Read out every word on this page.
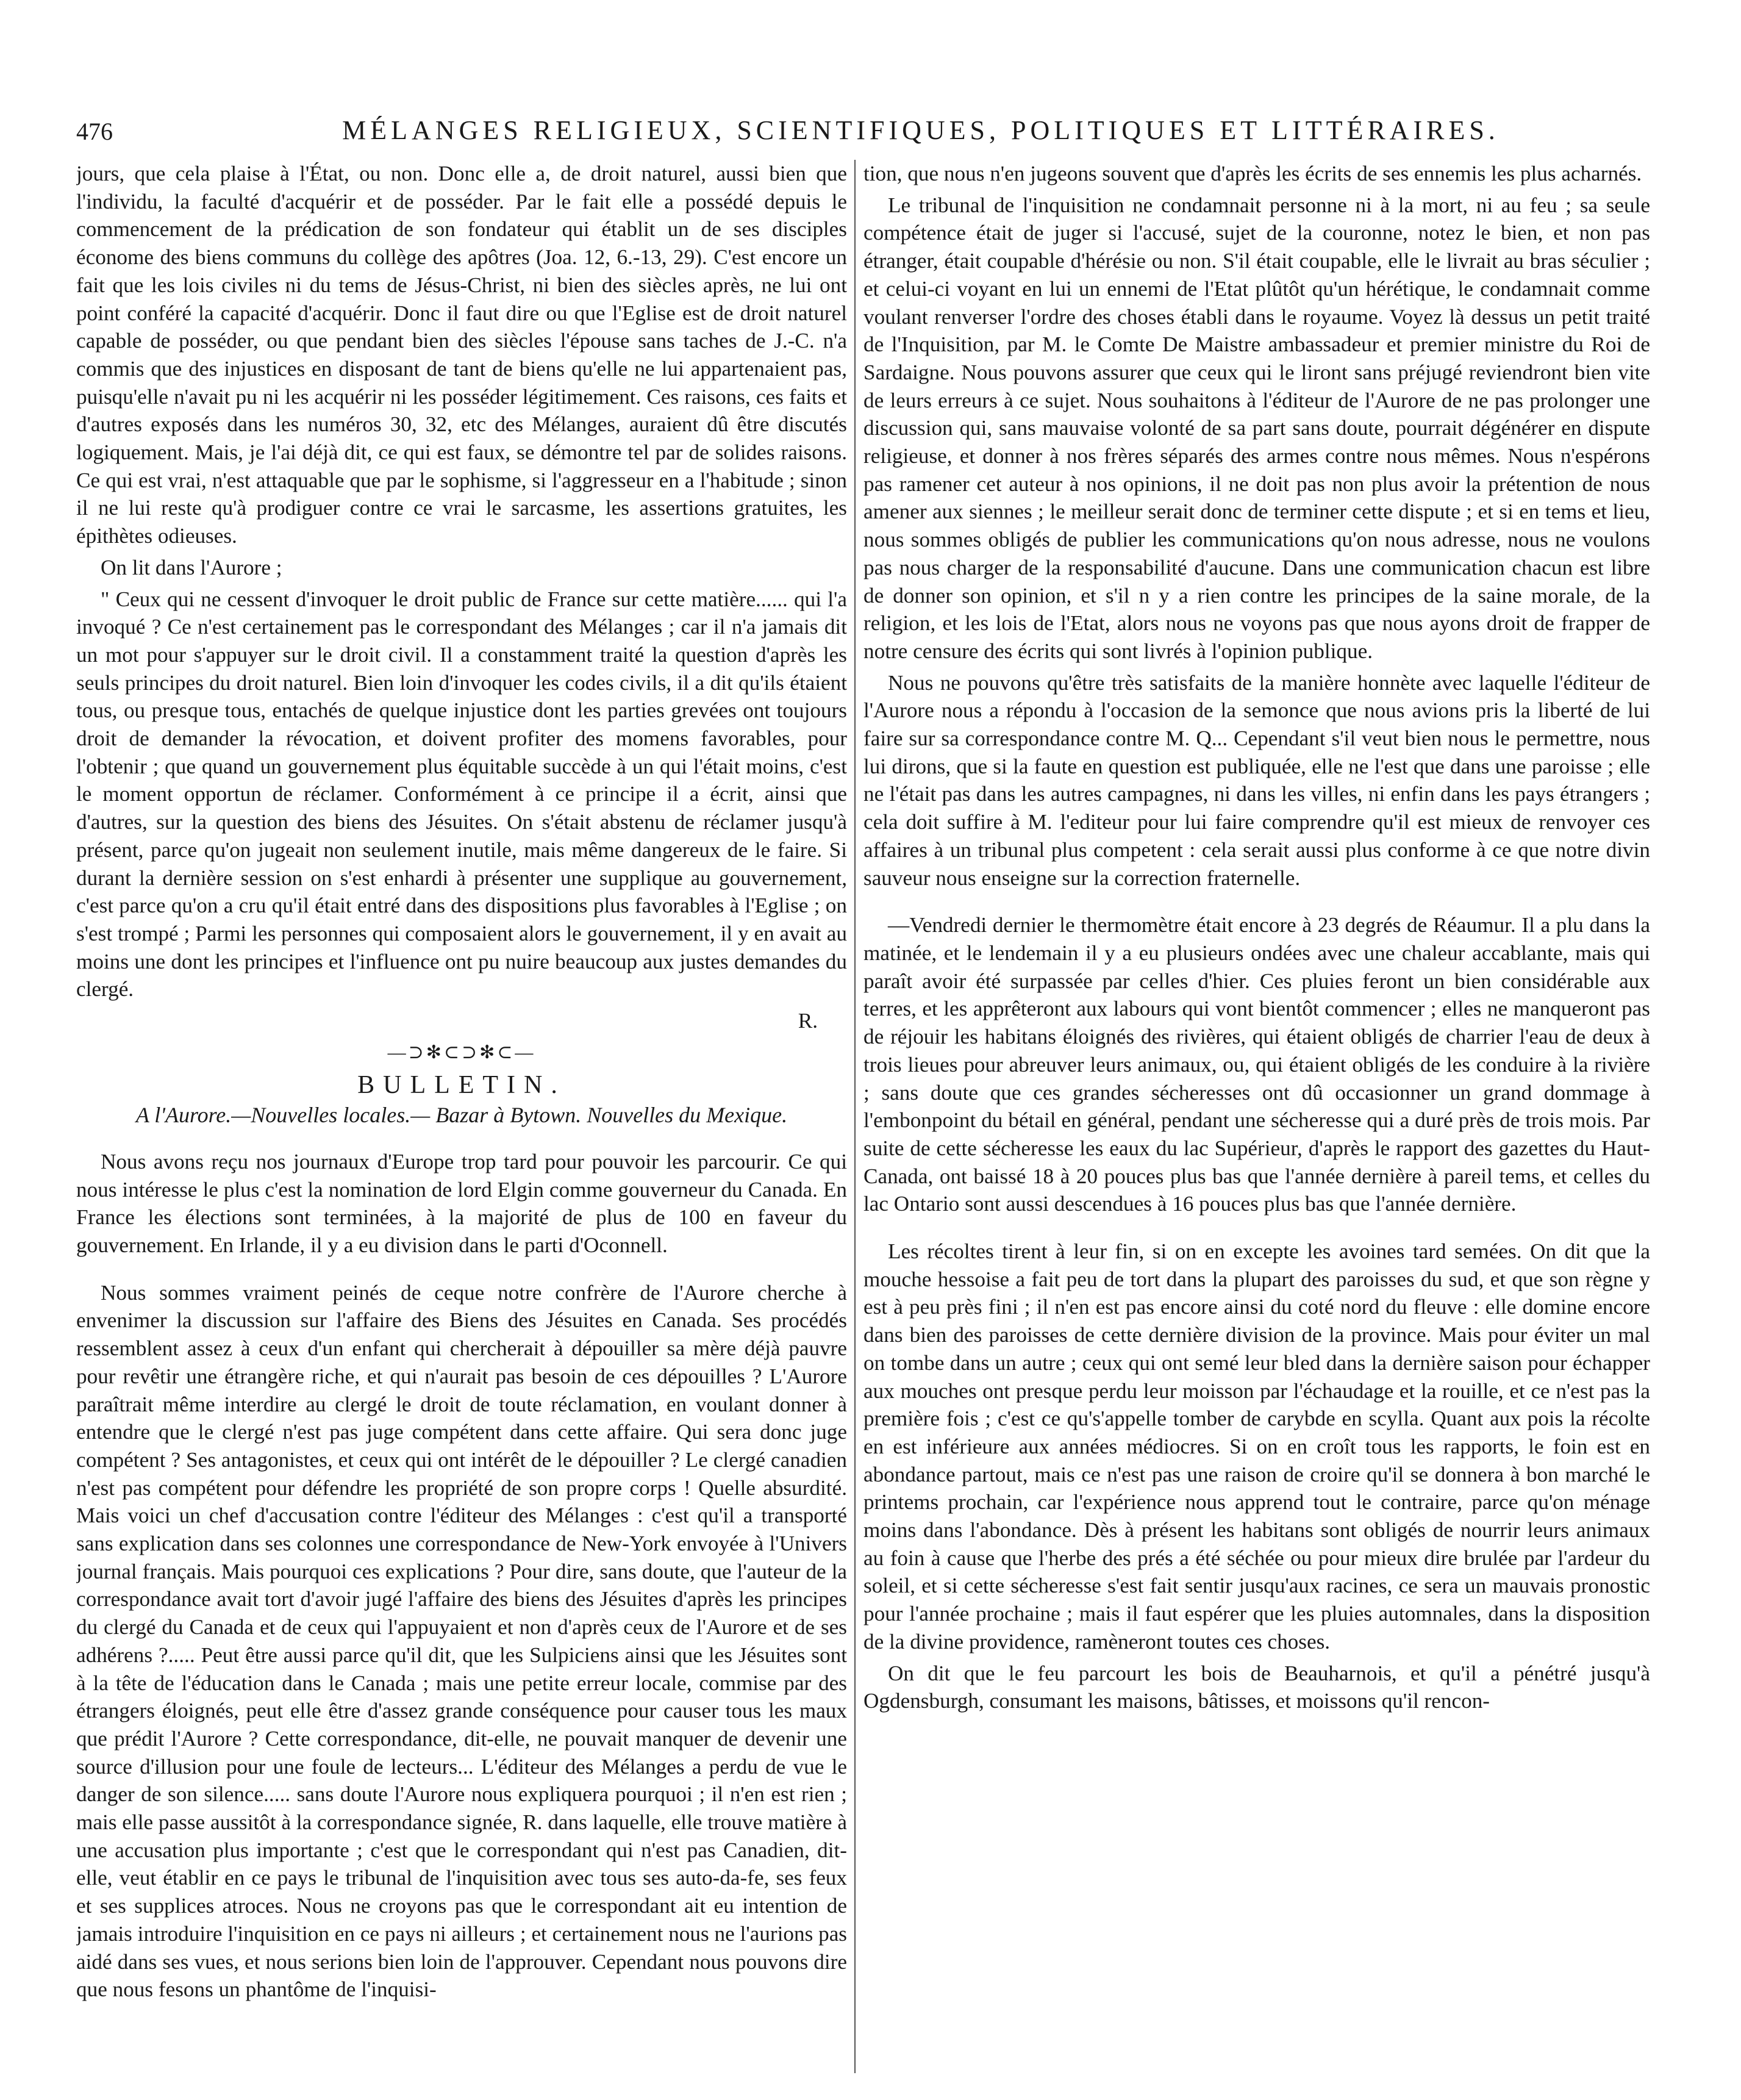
476	MÉLANGES RELIGIEUX, SCIENTIFIQUES, POLITIQUES ET LITTÉRAIRES.

jours, que cela plaise à l'État, ou non. Donc elle a, de droit naturel, aussi bien que l'individu, la faculté d'acquérir et de posséder. Par le fait elle a possédé depuis le commencement de la prédication de son fondateur qui établit un de ses disciples économe des biens communs du collège des apôtres (Joa. 12, 6.-13, 29). C'est encore un fait que les lois civiles ni du tems de Jésus-Christ, ni bien des siècles après, ne lui ont point conféré la capacité d'acquérir. Donc il faut dire ou que l'Eglise est de droit naturel capable de posséder, ou que pendant bien des siècles l'épouse sans taches de J.-C. n'a commis que des injustices en disposant de tant de biens qu'elle ne lui appartenaient pas, puisqu'elle n'avait pu ni les acquérir ni les posséder légitimement. Ces raisons, ces faits et d'autres exposés dans les numéros 30, 32, etc des Mélanges, auraient dû être discutés logiquement. Mais, je l'ai déjà dit, ce qui est faux, se démontre tel par de solides raisons. Ce qui est vrai, n'est attaquable que par le sophisme, si l'aggresseur en a l'habitude ; sinon il ne lui reste qu'à prodiguer contre ce vrai le sarcasme, les assertions gratuites, les épithètes odieuses.

On lit dans l'Aurore ;

" Ceux qui ne cessent d'invoquer le droit public de France sur cette matière...... qui l'a invoqué ? Ce n'est certainement pas le correspondant des Mélanges ; car il n'a jamais dit un mot pour s'appuyer sur le droit civil. Il a constamment traité la question d'après les seuls principes du droit naturel. Bien loin d'invoquer les codes civils, il a dit qu'ils étaient tous, ou presque tous, entachés de quelque injustice dont les parties grevées ont toujours droit de demander la révocation, et doivent profiter des momens favorables, pour l'obtenir ; que quand un gouvernement plus équitable succède à un qui l'était moins, c'est le moment opportun de réclamer. Conformément à ce principe il a écrit, ainsi que d'autres, sur la question des biens des Jésuites. On s'était abstenu de réclamer jusqu'à présent, parce qu'on jugeait non seulement inutile, mais même dangereux de le faire. Si durant la dernière session on s'est enhardi à présenter une supplique au gouvernement, c'est parce qu'on a cru qu'il était entré dans des dispositions plus favorables à l'Eglise ; on s'est trompé ; Parmi les personnes qui composaient alors le gouvernement, il y en avait au moins une dont les principes et l'influence ont pu nuire beaucoup aux justes demandes du clergé.

R.

—⊃✻⊂⊃✻⊂—
BULLETIN.
A l'Aurore.—Nouvelles locales.— Bazar à Bytown. Nouvelles du Mexique.

Nous avons reçu nos journaux d'Europe trop tard pour pouvoir les parcourir. Ce qui nous intéresse le plus c'est la nomination de lord Elgin comme gouverneur du Canada. En France les élections sont terminées, à la majorité de plus de 100 en faveur du gouvernement. En Irlande, il y a eu division dans le parti d'Oconnell.

Nous sommes vraiment peinés de ceque notre confrère de l'Aurore cherche à envenimer la discussion sur l'affaire des Biens des Jésuites en Canada. Ses procédés ressemblent assez à ceux d'un enfant qui chercherait à dépouiller sa mère déjà pauvre pour revêtir une étrangère riche, et qui n'aurait pas besoin de ces dépouilles ? L'Aurore paraîtrait même interdire au clergé le droit de toute réclamation, en voulant donner à entendre que le clergé n'est pas juge compétent dans cette affaire. Qui sera donc juge compétent ? Ses antagonistes, et ceux qui ont intérêt de le dépouiller ? Le clergé canadien n'est pas compétent pour défendre les propriété de son propre corps ! Quelle absurdité. Mais voici un chef d'accusation contre l'éditeur des Mélanges : c'est qu'il a transporté sans explication dans ses colonnes une correspondance de New-York envoyée à l'Univers journal français. Mais pourquoi ces explications ? Pour dire, sans doute, que l'auteur de la correspondance avait tort d'avoir jugé l'affaire des biens des Jésuites d'après les principes du clergé du Canada et de ceux qui l'appuyaient et non d'après ceux de l'Aurore et de ses adhérens ?..... Peut être aussi parce qu'il dit, que les Sulpiciens ainsi que les Jésuites sont à la tête de l'éducation dans le Canada ; mais une petite erreur locale, commise par des étrangers éloignés, peut elle être d'assez grande conséquence pour causer tous les maux que prédit l'Aurore ? Cette correspondance, dit-elle, ne pouvait manquer de devenir une source d'illusion pour une foule de lecteurs... L'éditeur des Mélanges a perdu de vue le danger de son silence..... sans doute l'Aurore nous expliquera pourquoi ; il n'en est rien ; mais elle passe aussitôt à la correspondance signée, R. dans laquelle, elle trouve matière à une accusation plus importante ; c'est que le correspondant qui n'est pas Canadien, dit-elle, veut établir en ce pays le tribunal de l'inquisition avec tous ses auto-da-fe, ses feux et ses supplices atroces. Nous ne croyons pas que le correspondant ait eu intention de jamais introduire l'inquisition en ce pays ni ailleurs ; et certainement nous ne l'aurions pas aidé dans ses vues, et nous serions bien loin de l'approuver. Cependant nous pouvons dire que nous fesons un phantôme de l'inquisi-

tion, que nous n'en jugeons souvent que d'après les écrits de ses ennemis les plus acharnés.

Le tribunal de l'inquisition ne condamnait personne ni à la mort, ni au feu ; sa seule compétence était de juger si l'accusé, sujet de la couronne, notez le bien, et non pas étranger, était coupable d'hérésie ou non. S'il était coupable, elle le livrait au bras séculier ; et celui-ci voyant en lui un ennemi de l'Etat plûtôt qu'un hérétique, le condamnait comme voulant renverser l'ordre des choses établi dans le royaume. Voyez là dessus un petit traité de l'Inquisition, par M. le Comte De Maistre ambassadeur et premier ministre du Roi de Sardaigne. Nous pouvons assurer que ceux qui le liront sans préjugé reviendront bien vite de leurs erreurs à ce sujet. Nous souhaitons à l'éditeur de l'Aurore de ne pas prolonger une discussion qui, sans mauvaise volonté de sa part sans doute, pourrait dégénérer en dispute religieuse, et donner à nos frères séparés des armes contre nous mêmes. Nous n'espérons pas ramener cet auteur à nos opinions, il ne doit pas non plus avoir la prétention de nous amener aux siennes ; le meilleur serait donc de terminer cette dispute ; et si en tems et lieu, nous sommes obligés de publier les communications qu'on nous adresse, nous ne voulons pas nous charger de la responsabilité d'aucune. Dans une communication chacun est libre de donner son opinion, et s'il n y a rien contre les principes de la saine morale, de la religion, et les lois de l'Etat, alors nous ne voyons pas que nous ayons droit de frapper de notre censure des écrits qui sont livrés à l'opinion publique.

Nous ne pouvons qu'être très satisfaits de la manière honnète avec laquelle l'éditeur de l'Aurore nous a répondu à l'occasion de la semonce que nous avions pris la liberté de lui faire sur sa correspondance contre M. Q... Cependant s'il veut bien nous le permettre, nous lui dirons, que si la faute en question est publiquée, elle ne l'est que dans une paroisse ; elle ne l'était pas dans les autres campagnes, ni dans les villes, ni enfin dans les pays étrangers ; cela doit suffire à M. l'editeur pour lui faire comprendre qu'il est mieux de renvoyer ces affaires à un tribunal plus competent : cela serait aussi plus conforme à ce que notre divin sauveur nous enseigne sur la correction fraternelle.

—Vendredi dernier le thermomètre était encore à 23 degrés de Réaumur. Il a plu dans la matinée, et le lendemain il y a eu plusieurs ondées avec une chaleur accablante, mais qui paraît avoir été surpassée par celles d'hier. Ces pluies feront un bien considérable aux terres, et les apprêteront aux labours qui vont bientôt commencer ; elles ne manqueront pas de réjouir les habitans éloignés des rivières, qui étaient obligés de charrier l'eau de deux à trois lieues pour abreuver leurs animaux, ou, qui étaient obligés de les conduire à la rivière ; sans doute que ces grandes sécheresses ont dû occasionner un grand dommage à l'embonpoint du bétail en général, pendant une sécheresse qui a duré près de trois mois. Par suite de cette sécheresse les eaux du lac Supérieur, d'après le rapport des gazettes du Haut-Canada, ont baissé 18 à 20 pouces plus bas que l'année dernière à pareil tems, et celles du lac Ontario sont aussi descendues à 16 pouces plus bas que l'année dernière.

Les récoltes tirent à leur fin, si on en excepte les avoines tard semées. On dit que la mouche hessoise a fait peu de tort dans la plupart des paroisses du sud, et que son règne y est à peu près fini ; il n'en est pas encore ainsi du coté nord du fleuve : elle domine encore dans bien des paroisses de cette dernière division de la province. Mais pour éviter un mal on tombe dans un autre ; ceux qui ont semé leur bled dans la dernière saison pour échapper aux mouches ont presque perdu leur moisson par l'échaudage et la rouille, et ce n'est pas la première fois ; c'est ce qu's'appelle tomber de carybde en scylla. Quant aux pois la récolte en est inférieure aux années médiocres. Si on en croît tous les rapports, le foin est en abondance partout, mais ce n'est pas une raison de croire qu'il se donnera à bon marché le printems prochain, car l'expérience nous apprend tout le contraire, parce qu'on ménage moins dans l'abondance. Dès à présent les habitans sont obligés de nourrir leurs animaux au foin à cause que l'herbe des prés a été séchée ou pour mieux dire brulée par l'ardeur du soleil, et si cette sécheresse s'est fait sentir jusqu'aux racines, ce sera un mauvais pronostic pour l'année prochaine ; mais il faut espérer que les pluies automnales, dans la disposition de la divine providence, ramèneront toutes ces choses.

On dit que le feu parcourt les bois de Beauharnois, et qu'il a pénétré jusqu'à Ogdensburgh, consumant les maisons, bâtisses, et moissons qu'il rencon-
